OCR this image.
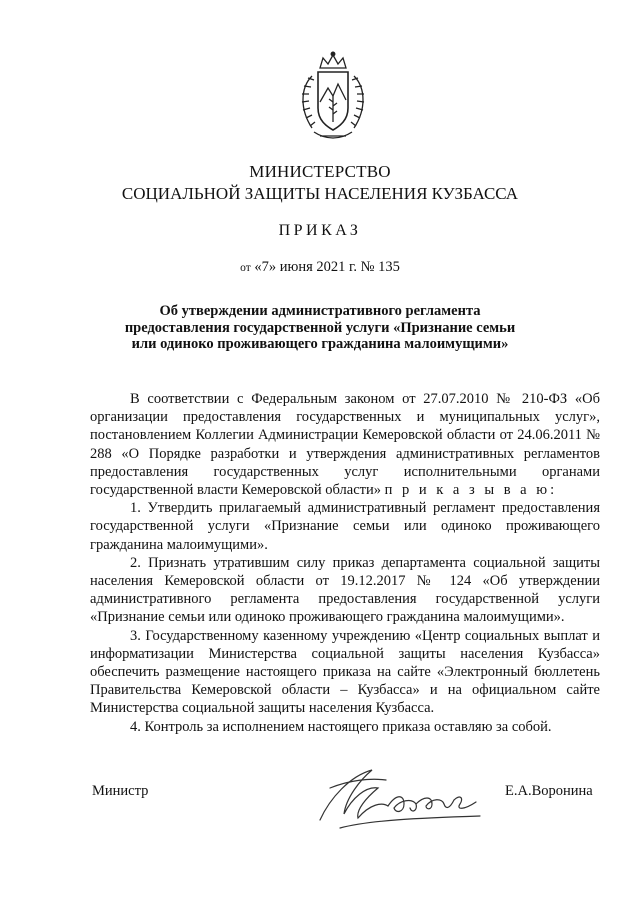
МИНИСТЕРСТВО
СОЦИАЛЬНОЙ ЗАЩИТЫ НАСЕЛЕНИЯ КУЗБАССА
ПРИКАЗ
от «7» июня 2021 г. № 135
Об утверждении административного регламента предоставления государственной услуги «Признание семьи или одиноко проживающего гражданина малоимущими»

В соответствии с Федеральным законом от 27.07.2010 № 210-ФЗ «Об организации предоставления государственных и муниципальных услуг», постановлением Коллегии Администрации Кемеровской области от 24.06.2011 № 288 «О Порядке разработки и утверждения административных регламентов предоставления государственных услуг исполнительными органами государственной власти Кемеровской области» п р и к а з ы в а ю:

1. Утвердить прилагаемый административный регламент предоставления государственной услуги «Признание семьи или одиноко проживающего гражданина малоимущими».

2. Признать утратившим силу приказ департамента социальной защиты населения Кемеровской области от 19.12.2017 № 124 «Об утверждении административного регламента предоставления государственной услуги «Признание семьи или одиноко проживающего гражданина малоимущими».

3. Государственному казенному учреждению «Центр социальных выплат и информатизации Министерства социальной защиты населения Кузбасса» обеспечить размещение настоящего приказа на сайте «Электронный бюллетень Правительства Кемеровской области – Кузбасса» и на официальном сайте Министерства социальной защиты населения Кузбасса.

4. Контроль за исполнением настоящего приказа оставляю за собой.

Министр	Е.А.Воронина
